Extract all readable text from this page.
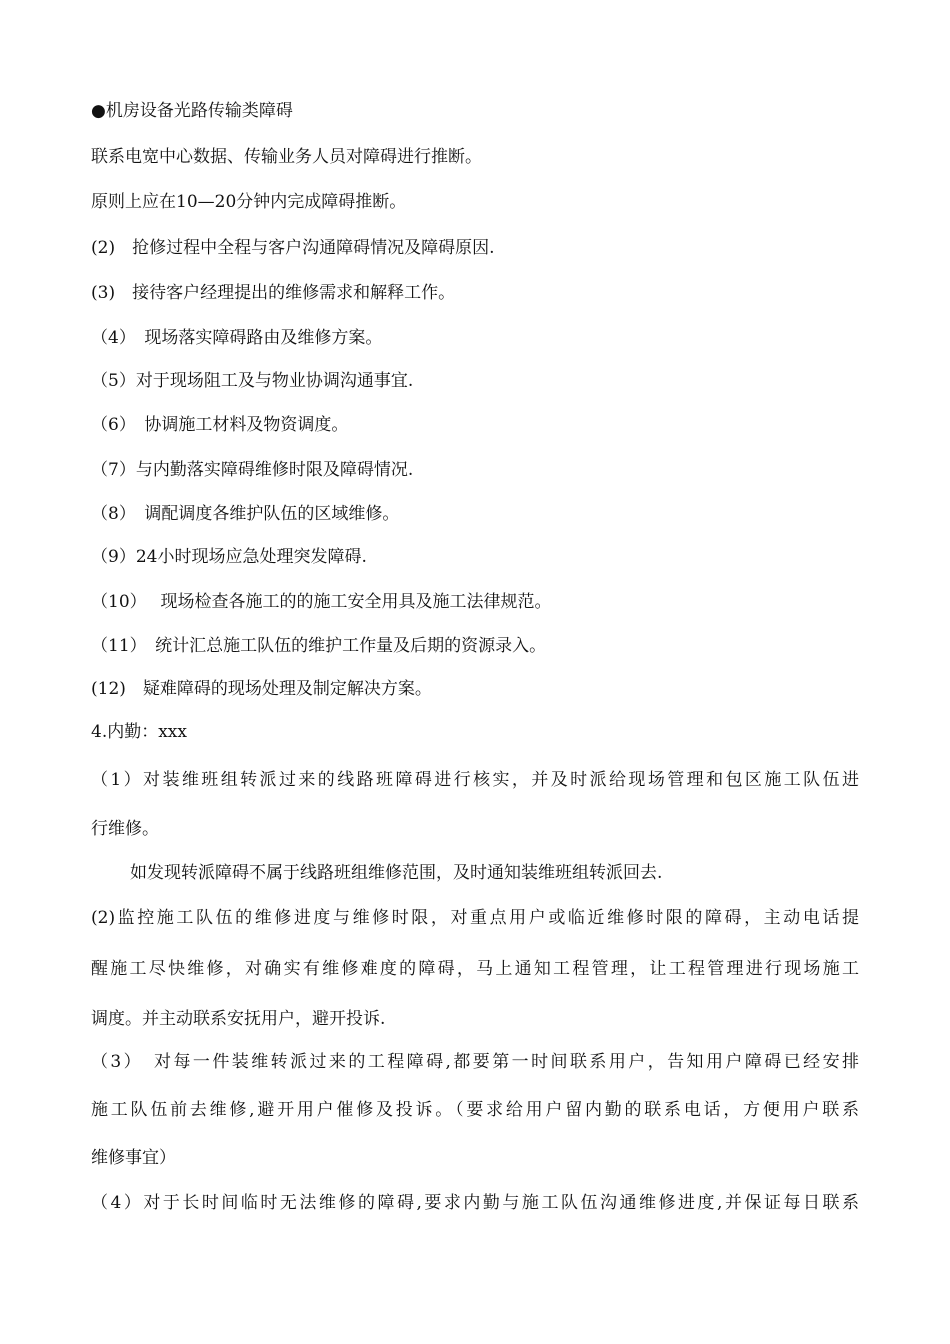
●机房设备光路传输类障碍
联系电宽中心数据、传输业务人员对障碍进行推断。
原则上应在10—20分钟内完成障碍推断。
(2)　抢修过程中全程与客户沟通障碍情况及障碍原因.
(3)　接待客户经理提出的维修需求和解释工作。
（4）　现场落实障碍路由及维修方案。
（5）对于现场阻工及与物业协调沟通事宜.
（6）　协调施工材料及物资调度。
（7）与内勤落实障碍维修时限及障碍情况.
（8）　调配调度各维护队伍的区域维修。
（9）24小时现场应急处理突发障碍.
（10）　 现场检查各施工的的施工安全用具及施工法律规范。
（11）　统计汇总施工队伍的维护工作量及后期的资源录入。
(12)　疑难障碍的现场处理及制定解决方案。
4.内勤：xxx
（1）对装维班组转派过来的线路班障碍进行核实，并及时派给现场管理和包区施工队伍进
行维修。
如发现转派障碍不属于线路班组维修范围，及时通知装维班组转派回去.
(2)监控施工队伍的维修进度与维修时限，对重点用户或临近维修时限的障碍，主动电话提
醒施工尽快维修，对确实有维修难度的障碍，马上通知工程管理，让工程管理进行现场施工
调度。并主动联系安抚用户，避开投诉.
（3）　对每一件装维转派过来的工程障碍,都要第一时间联系用户，告知用户障碍已经安排
施工队伍前去维修,避开用户催修及投诉。（要求给用户留内勤的联系电话，方便用户联系
维修事宜）
（4）对于长时间临时无法维修的障碍,要求内勤与施工队伍沟通维修进度,并保证每日联系
